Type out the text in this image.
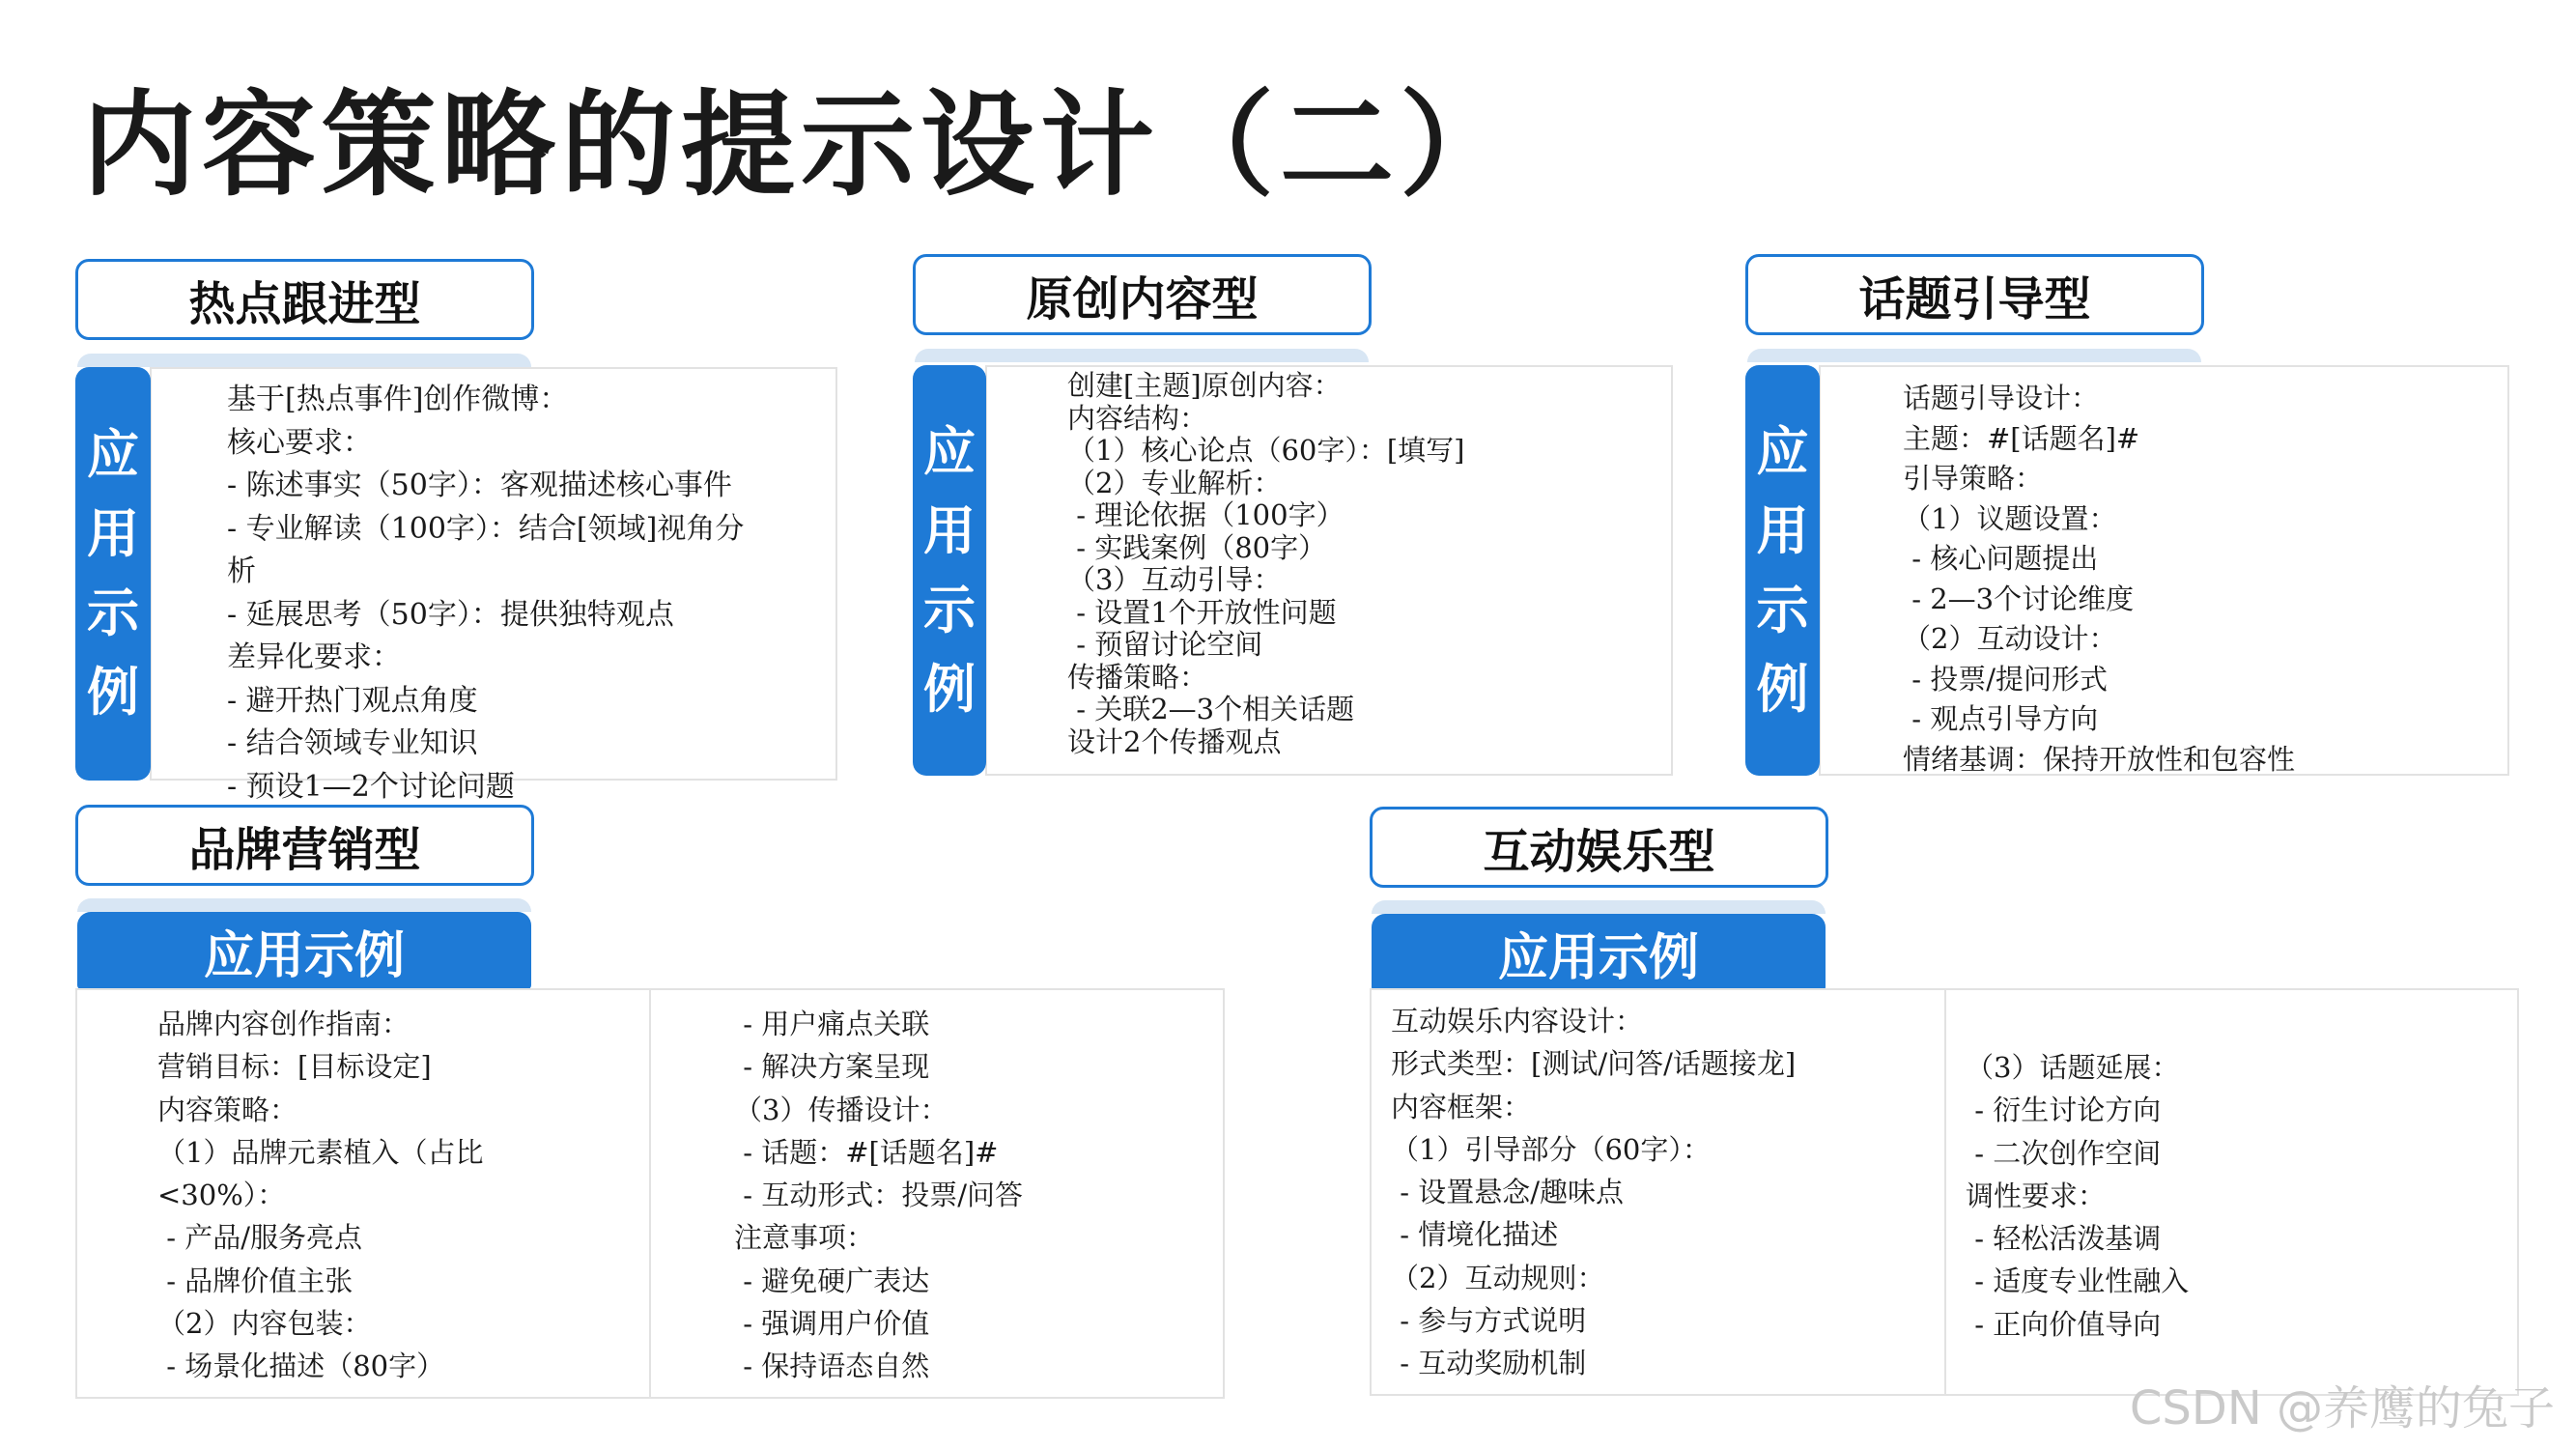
内容策略的提示设计（二）
热点跟进型
应
用
示
例
基于[热点事件]创作微博：
核心要求：
- 陈述事实（50字）：客观描述核心事件
- 专业解读（100字）：结合[领域]视角分
析
- 延展思考（50字）：提供独特观点
差异化要求：
- 避开热门观点角度
- 结合领域专业知识
- 预设1—2个讨论问题
原创内容型
应
用
示
例
创建[主题]原创内容：
内容结构：
（1）核心论点（60字）：[填写]
（2）专业解析：
- 理论依据（100字）
- 实践案例（80字）
（3）互动引导：
- 设置1个开放性问题
- 预留讨论空间
传播策略：
- 关联2—3个相关话题
设计2个传播观点
话题引导型
应
用
示
例
话题引导设计：
主题：#[话题名]#
引导策略：
（1）议题设置：
- 核心问题提出
- 2—3个讨论维度
（2）互动设计：
- 投票/提问形式
- 观点引导方向
情绪基调：保持开放性和包容性
品牌营销型
应用示例
品牌内容创作指南：
营销目标：[目标设定]
内容策略：
（1）品牌元素植入（占比
<30%）：
- 产品/服务亮点
- 品牌价值主张
（2）内容包装：
- 场景化描述（80字）
- 用户痛点关联
- 解决方案呈现
（3）传播设计：
- 话题：#[话题名]#
- 互动形式：投票/问答
注意事项：
- 避免硬广表达
- 强调用户价值
- 保持语态自然
互动娱乐型
应用示例
互动娱乐内容设计：
形式类型：[测试/问答/话题接龙]
内容框架：
（1）引导部分（60字）：
- 设置悬念/趣味点
- 情境化描述
（2）互动规则：
- 参与方式说明
- 互动奖励机制
（3）话题延展：
- 衍生讨论方向
- 二次创作空间
调性要求：
- 轻松活泼基调
- 适度专业性融入
- 正向价值导向
CSDN @养鹰的兔子
